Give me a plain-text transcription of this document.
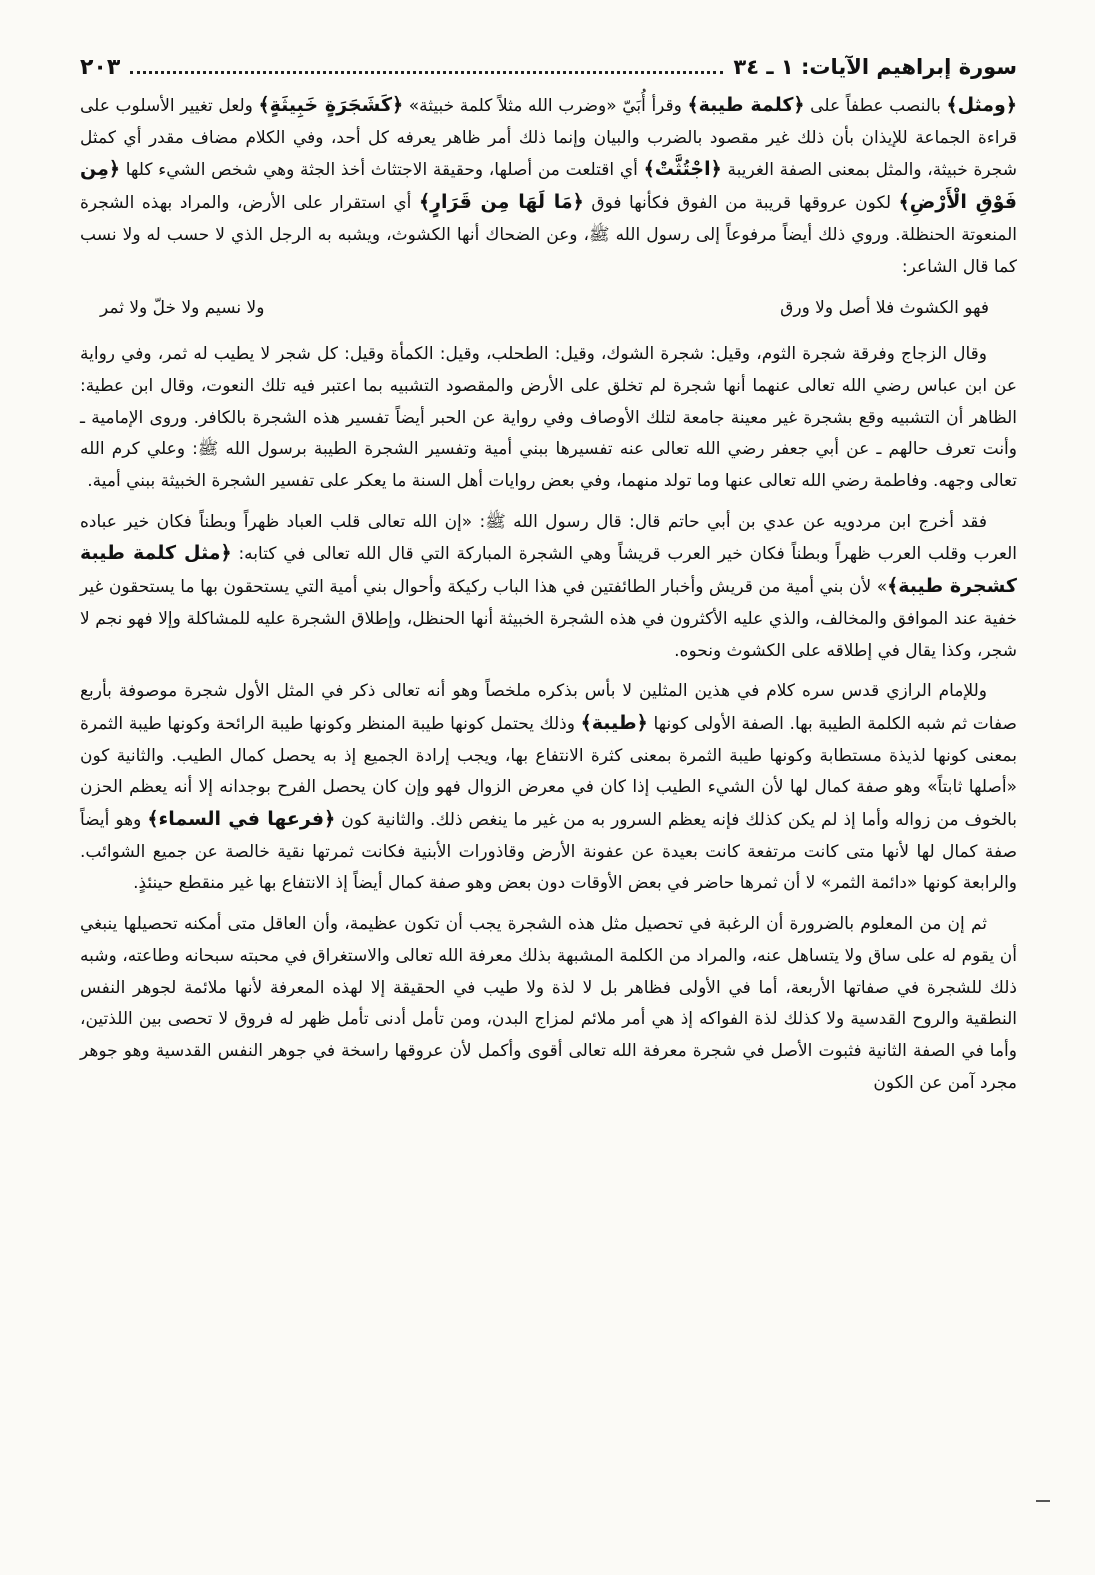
سورة إبراهيم الآيات: ١ ـ ٣٤
٢٠٣

﴿ومثل﴾ بالنصب عطفاً على ﴿كلمة طيبة﴾ وقرأ أُبَيّ «وضرب الله مثلاً كلمة خبيثة» ﴿كَشَجَرَةٍ خَبِيثَةٍ﴾ ولعل تغيير الأسلوب على قراءة الجماعة للإيذان بأن ذلك غير مقصود بالضرب والبيان وإنما ذلك أمر ظاهر يعرفه كل أحد، وفي الكلام مضاف مقدر أي كمثل شجرة خبيثة، والمثل بمعنى الصفة الغريبة ﴿اجْتُثَّتْ﴾ أي اقتلعت من أصلها، وحقيقة الاجتثاث أخذ الجثة وهي شخص الشيء كلها ﴿مِن فَوْقِ الْأَرْضِ﴾ لكون عروقها قريبة من الفوق فكأنها فوق ﴿مَا لَهَا مِن قَرَارٍ﴾ أي استقرار على الأرض، والمراد بهذه الشجرة المنعوتة الحنظلة. وروي ذلك أيضاً مرفوعاً إلى رسول الله ﷺ، وعن الضحاك أنها الكشوث، ويشبه به الرجل الذي لا حسب له ولا نسب كما قال الشاعر:

فهو الكشوث فلا أصل ولا ورق
ولا نسيم ولا خلّ ولا ثمر

وقال الزجاج وفرقة شجرة الثوم، وقيل: شجرة الشوك، وقيل: الطحلب، وقيل: الكمأة وقيل: كل شجر لا يطيب له ثمر، وفي رواية عن ابن عباس رضي الله تعالى عنهما أنها شجرة لم تخلق على الأرض والمقصود التشبيه بما اعتبر فيه تلك النعوت، وقال ابن عطية: الظاهر أن التشبيه وقع بشجرة غير معينة جامعة لتلك الأوصاف وفي رواية عن الحبر أيضاً تفسير هذه الشجرة بالكافر. وروى الإمامية ـ وأنت تعرف حالهم ـ عن أبي جعفر رضي الله تعالى عنه تفسيرها ببني أمية وتفسير الشجرة الطيبة برسول الله ﷺ: وعلي كرم الله تعالى وجهه. وفاطمة رضي الله تعالى عنها وما تولد منهما، وفي بعض روايات أهل السنة ما يعكر على تفسير الشجرة الخبيثة ببني أمية.

فقد أخرج ابن مردويه عن عدي بن أبي حاتم قال: قال رسول الله ﷺ: «إن الله تعالى قلب العباد ظهراً وبطناً فكان خير عباده العرب وقلب العرب ظهراً وبطناً فكان خير العرب قريشاً وهي الشجرة المباركة التي قال الله تعالى في كتابه: ﴿مثل كلمة طيبة كشجرة طيبة﴾» لأن بني أمية من قريش وأخبار الطائفتين في هذا الباب ركيكة وأحوال بني أمية التي يستحقون بها ما يستحقون غير خفية عند الموافق والمخالف، والذي عليه الأكثرون في هذه الشجرة الخبيثة أنها الحنظل، وإطلاق الشجرة عليه للمشاكلة وإلا فهو نجم لا شجر، وكذا يقال في إطلاقه على الكشوث ونحوه.

وللإمام الرازي قدس سره كلام في هذين المثلين لا بأس بذكره ملخصاً وهو أنه تعالى ذكر في المثل الأول شجرة موصوفة بأربع صفات ثم شبه الكلمة الطيبة بها. الصفة الأولى كونها ﴿طيبة﴾ وذلك يحتمل كونها طيبة المنظر وكونها طيبة الرائحة وكونها طيبة الثمرة بمعنى كونها لذيذة مستطابة وكونها طيبة الثمرة بمعنى كثرة الانتفاع بها، ويجب إرادة الجميع إذ به يحصل كمال الطيب. والثانية كون «أصلها ثابتاً» وهو صفة كمال لها لأن الشيء الطيب إذا كان في معرض الزوال فهو وإن كان يحصل الفرح بوجدانه إلا أنه يعظم الحزن بالخوف من زواله وأما إذ لم يكن كذلك فإنه يعظم السرور به من غير ما ينغص ذلك. والثانية كون ﴿فرعها في السماء﴾ وهو أيضاً صفة كمال لها لأنها متى كانت مرتفعة كانت بعيدة عن عفونة الأرض وقاذورات الأبنية فكانت ثمرتها نقية خالصة عن جميع الشوائب. والرابعة كونها «دائمة الثمر» لا أن ثمرها حاضر في بعض الأوقات دون بعض وهو صفة كمال أيضاً إذ الانتفاع بها غير منقطع حينئذٍ.

ثم إن من المعلوم بالضرورة أن الرغبة في تحصيل مثل هذه الشجرة يجب أن تكون عظيمة، وأن العاقل متى أمكنه تحصيلها ينبغي أن يقوم له على ساق ولا يتساهل عنه، والمراد من الكلمة المشبهة بذلك معرفة الله تعالى والاستغراق في محبته سبحانه وطاعته، وشبه ذلك للشجرة في صفاتها الأربعة، أما في الأولى فظاهر بل لا لذة ولا طيب في الحقيقة إلا لهذه المعرفة لأنها ملائمة لجوهر النفس النطقية والروح القدسية ولا كذلك لذة الفواكه إذ هي أمر ملائم لمزاج البدن، ومن تأمل أدنى تأمل ظهر له فروق لا تحصى بين اللذتين، وأما في الصفة الثانية فثبوت الأصل في شجرة معرفة الله تعالى أقوى وأكمل لأن عروقها راسخة في جوهر النفس القدسية وهو جوهر مجرد آمن عن الكون
